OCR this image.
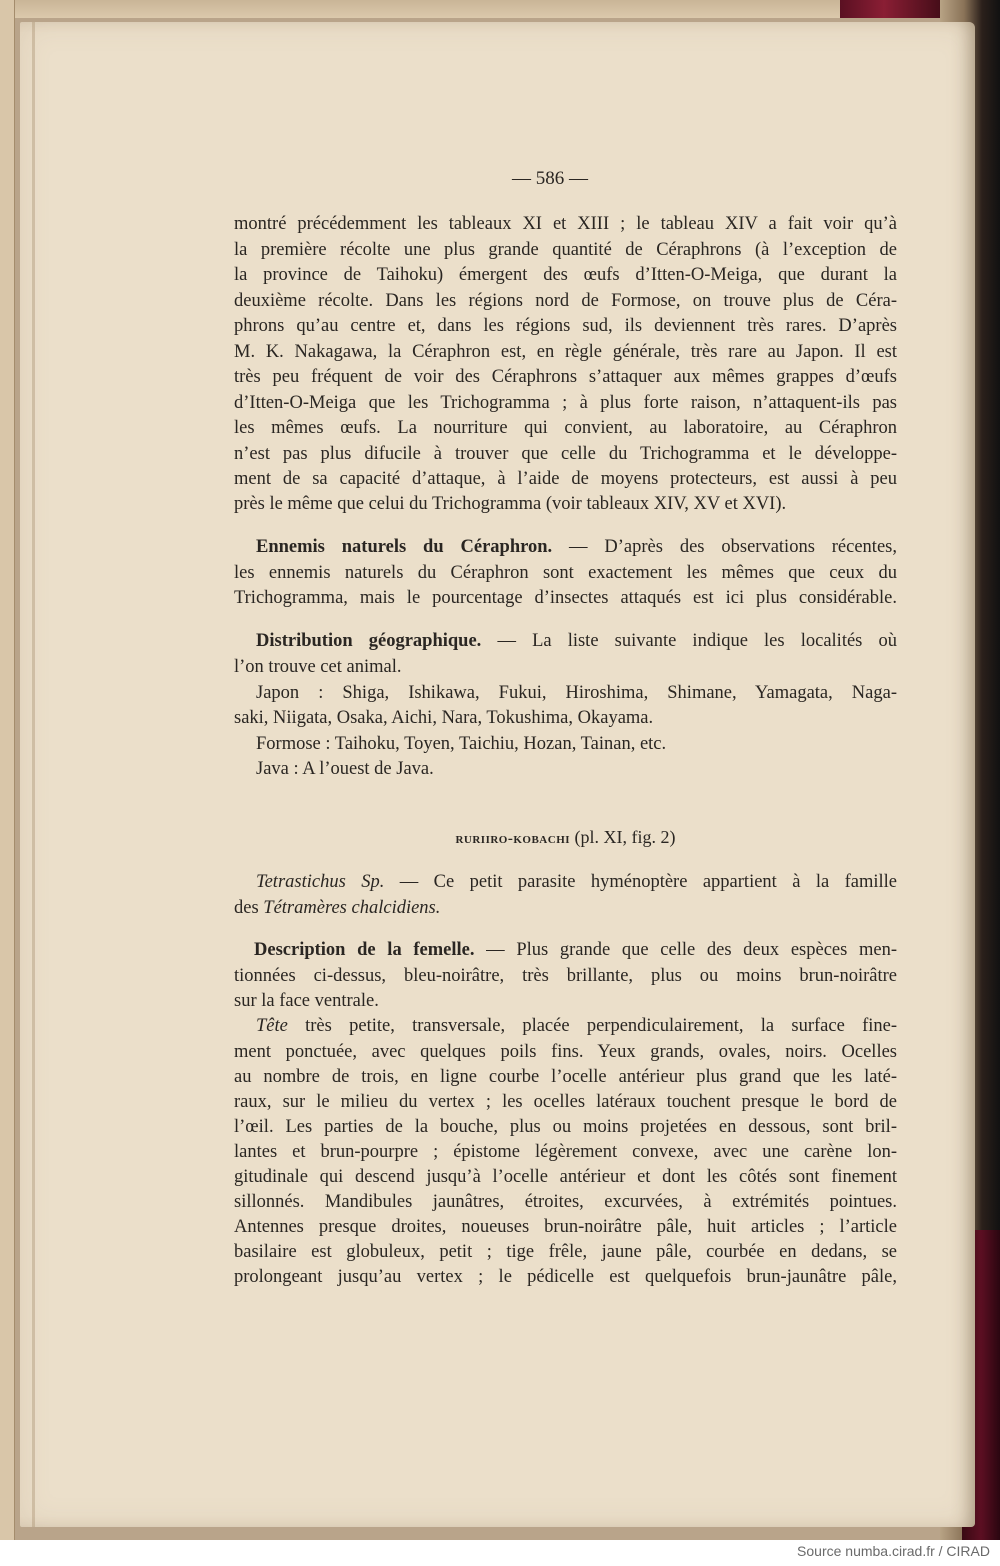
— 586 —
montré précédemment les tableaux XI et XIII ; le tableau XIV a fait voir qu’à
la première récolte une plus grande quantité de Céraphrons (à l’exception de
la province de Taihoku) émergent des œufs d’Itten-O-Meiga, que durant la
deuxième récolte. Dans les régions nord de Formose, on trouve plus de Céra-
phrons qu’au centre et, dans les régions sud, ils deviennent très rares. D’après
M. K. Nakagawa, la Céraphron est, en règle générale, très rare au Japon. Il est
très peu fréquent de voir des Céraphrons s’attaquer aux mêmes grappes d’œufs
d’Itten-O-Meiga que les Trichogramma ; à plus forte raison, n’attaquent-ils pas
les mêmes œufs. La nourriture qui convient, au laboratoire, au Céraphron
n’est pas plus difucile à trouver que celle du Trichogramma et le développe-
ment de sa capacité d’attaque, à l’aide de moyens protecteurs, est aussi à peu
près le même que celui du Trichogramma (voir tableaux XIV, XV et XVI).
Ennemis naturels du Céraphron. — D’après des observations récentes,
les ennemis naturels du Céraphron sont exactement les mêmes que ceux du
Trichogramma, mais le pourcentage d’insectes attaqués est ici plus considérable.
Distribution géographique. — La liste suivante indique les localités où
l’on trouve cet animal.
Japon : Shiga, Ishikawa, Fukui, Hiroshima, Shimane, Yamagata, Naga-
saki, Niigata, Osaka, Aichi, Nara, Tokushima, Okayama.
Formose : Taihoku, Toyen, Taichiu, Hozan, Tainan, etc.
Java : A l’ouest de Java.
ruriiro-kobachi (pl. XI, fig. 2)
Tetrastichus Sp. — Ce petit parasite hyménoptère appartient à la famille
des Tétramères chalcidiens.
Description de la femelle. — Plus grande que celle des deux espèces men-
tionnées ci-dessus, bleu-noirâtre, très brillante, plus ou moins brun-noirâtre
sur la face ventrale.
Tête très petite, transversale, placée perpendiculairement, la surface fine-
ment ponctuée, avec quelques poils fins. Yeux grands, ovales, noirs. Ocelles
au nombre de trois, en ligne courbe l’ocelle antérieur plus grand que les laté-
raux, sur le milieu du vertex ; les ocelles latéraux touchent presque le bord de
l’œil. Les parties de la bouche, plus ou moins projetées en dessous, sont bril-
lantes et brun-pourpre ; épistome légèrement convexe, avec une carène lon-
gitudinale qui descend jusqu’à l’ocelle antérieur et dont les côtés sont finement
sillonnés. Mandibules jaunâtres, étroites, excurvées, à extrémités pointues.
Antennes presque droites, noueuses brun-noirâtre pâle, huit articles ; l’article
basilaire est globuleux, petit ; tige frêle, jaune pâle, courbée en dedans, se
prolongeant jusqu’au vertex ; le pédicelle est quelquefois brun-jaunâtre pâle,
Source numba.cirad.fr / CIRAD
